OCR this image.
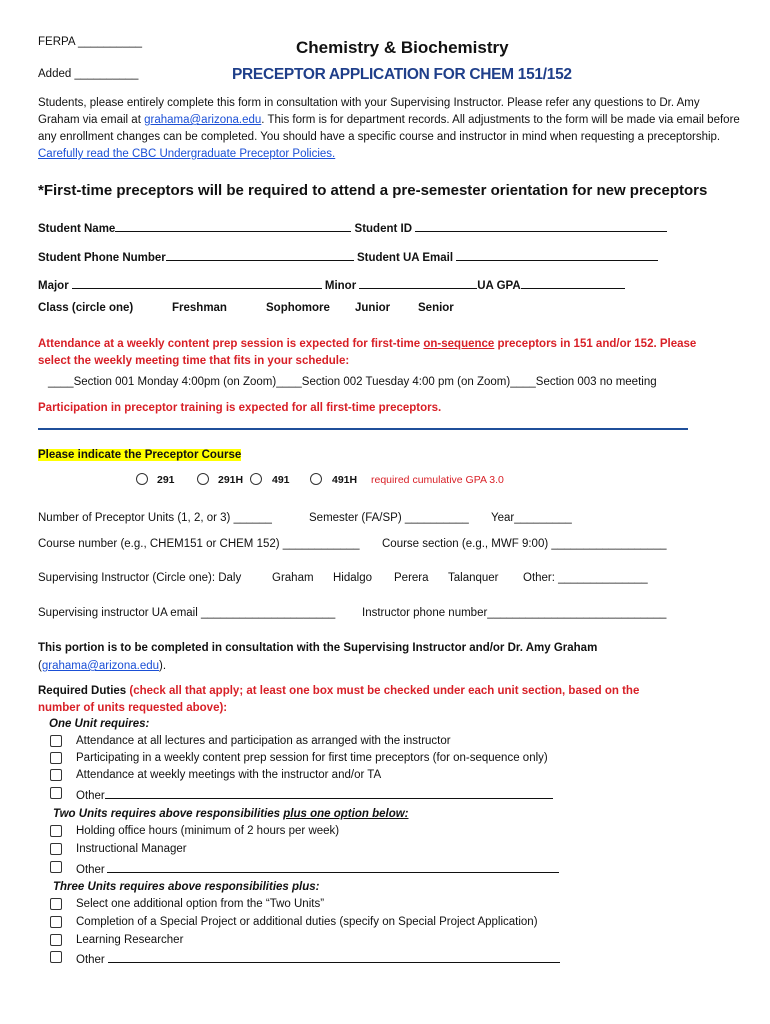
FERPA __________
Added __________
Chemistry & Biochemistry
PRECEPTOR APPLICATION FOR CHEM 151/152
Students, please entirely complete this form in consultation with your Supervising Instructor. Please refer any questions to Dr. Amy Graham via email at grahama@arizona.edu. This form is for department records. All adjustments to the form will be made via email before any enrollment changes can be completed. You should have a specific course and instructor in mind when requesting a preceptorship. Carefully read the CBC Undergraduate Preceptor Policies.
*First-time preceptors will be required to attend a pre-semester orientation for new preceptors
Student Name	Student ID
Student Phone Number	Student UA Email
Major	Minor	UA GPA
Class (circle one)	Freshman	Sophomore Junior Senior
Attendance at a weekly content prep session is expected for first-time on-sequence preceptors in 151 and/or 152. Please
select the weekly meeting time that fits in your schedule:
____Section 001 Monday 4:00pm (on Zoom)____Section 002 Tuesday 4:00 pm (on Zoom)____Section 003 no meeting
Participation in preceptor training is expected for all first-time preceptors.
Please indicate the Preceptor Course
291	291H	491	491H required cumulative GPA 3.0
Number of Preceptor Units (1, 2, or 3) ______	Semester (FA/SP) __________ Year_________
Course number (e.g., CHEM151 or CHEM 152) ____________ Course section (e.g., MWF 9:00) __________________
Supervising Instructor (Circle one): Daly	Graham Hidalgo Perera Talanquer Other: ______________
Supervising instructor UA email _____________________ Instructor phone number____________________________
This portion is to be completed in consultation with the Supervising Instructor and/or Dr. Amy Graham
(grahama@arizona.edu).
Required Duties (check all that apply; at least one box must be checked under each unit section, based on the
number of units requested above):
One Unit requires:
Attendance at all lectures and participation as arranged with the instructor
Participating in a weekly content prep session for first time preceptors (for on-sequence only)
Attendance at weekly meetings with the instructor and/or TA
Other
Two Units requires above responsibilities plus one option below:
Holding office hours (minimum of 2 hours per week)
Instructional Manager
Other
Three Units requires above responsibilities plus:
Select one additional option from the “Two Units”
Completion of a Special Project or additional duties (specify on Special Project Application)
Learning Researcher
Other
